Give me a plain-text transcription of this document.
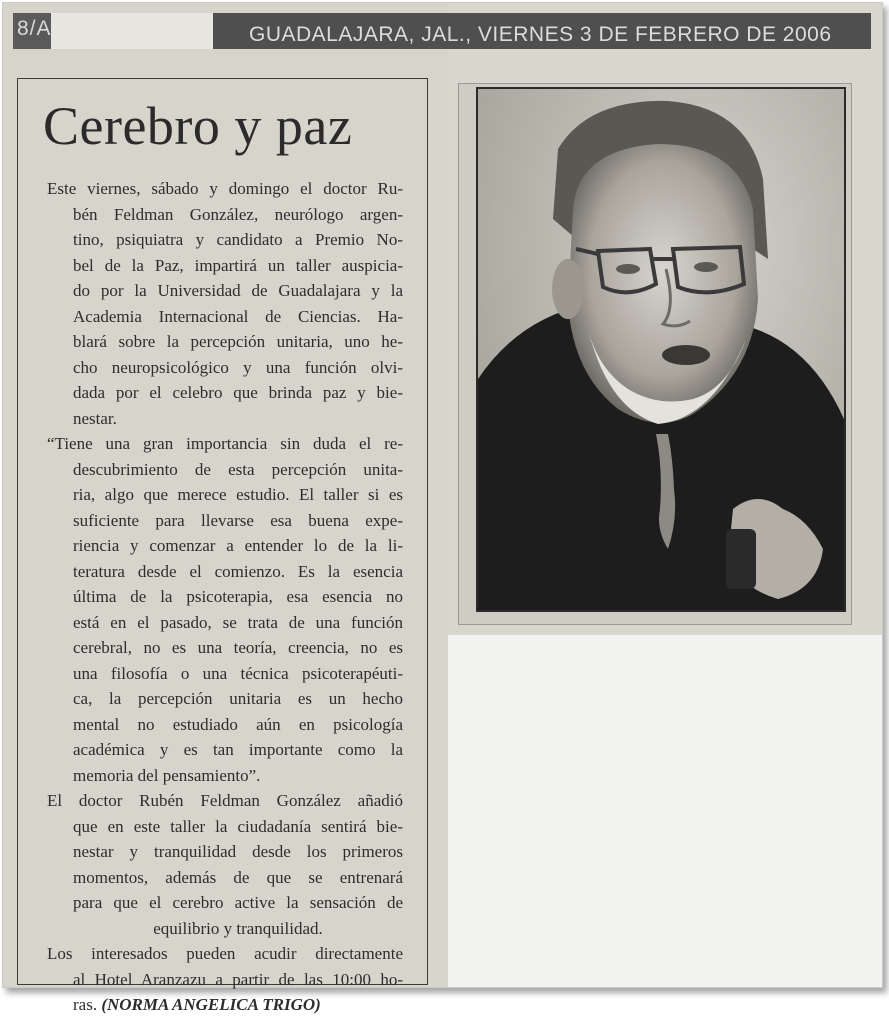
8/A	GUADALAJARA, JAL., VIERNES 3 DE FEBRERO DE 2006
Cerebro y paz
Este viernes, sábado y domingo el doctor Ru-
bén Feldman González, neurólogo argen-
tino, psiquiatra y candidato a Premio No-
bel de la Paz, impartirá un taller auspicia-
do por la Universidad de Guadalajara y la
Academia Internacional de Ciencias. Ha-
blará sobre la percepción unitaria, uno he-
cho neuropsicológico y una función olvi-
dada por el celebro que brinda paz y bie-
nestar.
“Tiene una gran importancia sin duda el re-
descubrimiento de esta percepción unita-
ria, algo que merece estudio. El taller si es
suficiente para llevarse esa buena expe-
riencia y comenzar a entender lo de la li-
teratura desde el comienzo. Es la esencia
última de la psicoterapia, esa esencia no
está en el pasado, se trata de una función
cerebral, no es una teoría, creencia, no es
una filosofía o una técnica psicoterapéuti-
ca, la percepción unitaria es un hecho
mental no estudiado aún en psicología
académica y es tan importante como la
memoria del pensamiento”.
El doctor Rubén Feldman González añadió
que en este taller la ciudadanía sentirá bie-
nestar y tranquilidad desde los primeros
momentos, además de que se entrenará
para que el cerebro active la sensación de
equilibrio y tranquilidad.
Los interesados pueden acudir directamente
al Hotel Aranzazu a partir de las 10:00 ho-
ras. (NORMA ANGELICA TRIGO)
